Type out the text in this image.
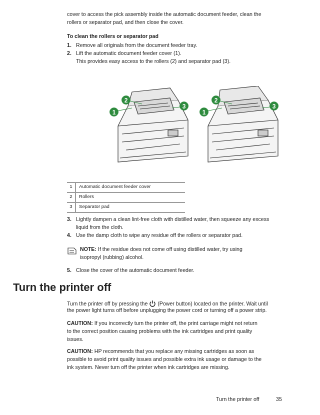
cover to access the pick assembly inside the automatic document feeder, clean the
rollers or separator pad, and then close the cover.
To clean the rollers or separator pad
1. Remove all originals from the document feeder tray.
2. Lift the automatic document feeder cover (1).
This provides easy access to the rollers (2) and separator pad (3).
1
2
3
1
2
3
1	Automatic document feeder cover
2	Rollers
3	Separator pad
3. Lightly dampen a clean lint-free cloth with distilled water, then squeeze any excess
liquid from the cloth.
4. Use the damp cloth to wipe any residue off the rollers or separator pad.
NOTE: If the residue does not come off using distilled water, try using
isopropyl (rubbing) alcohol.
5. Close the cover of the automatic document feeder.
Turn the printer off
Turn the printer off by pressing the (Power button) located on the printer. Wait until
the power light turns off before unplugging the power cord or turning off a power strip.
CAUTION: If you incorrectly turn the printer off, the print carriage might not return
to the correct position causing problems with the ink cartridges and print quality
issues.
CAUTION: HP recommends that you replace any missing cartridges as soon as
possible to avoid print quality issues and possible extra ink usage or damage to the
ink system. Never turn off the printer when ink cartridges are missing.
Turn the printer off	35
